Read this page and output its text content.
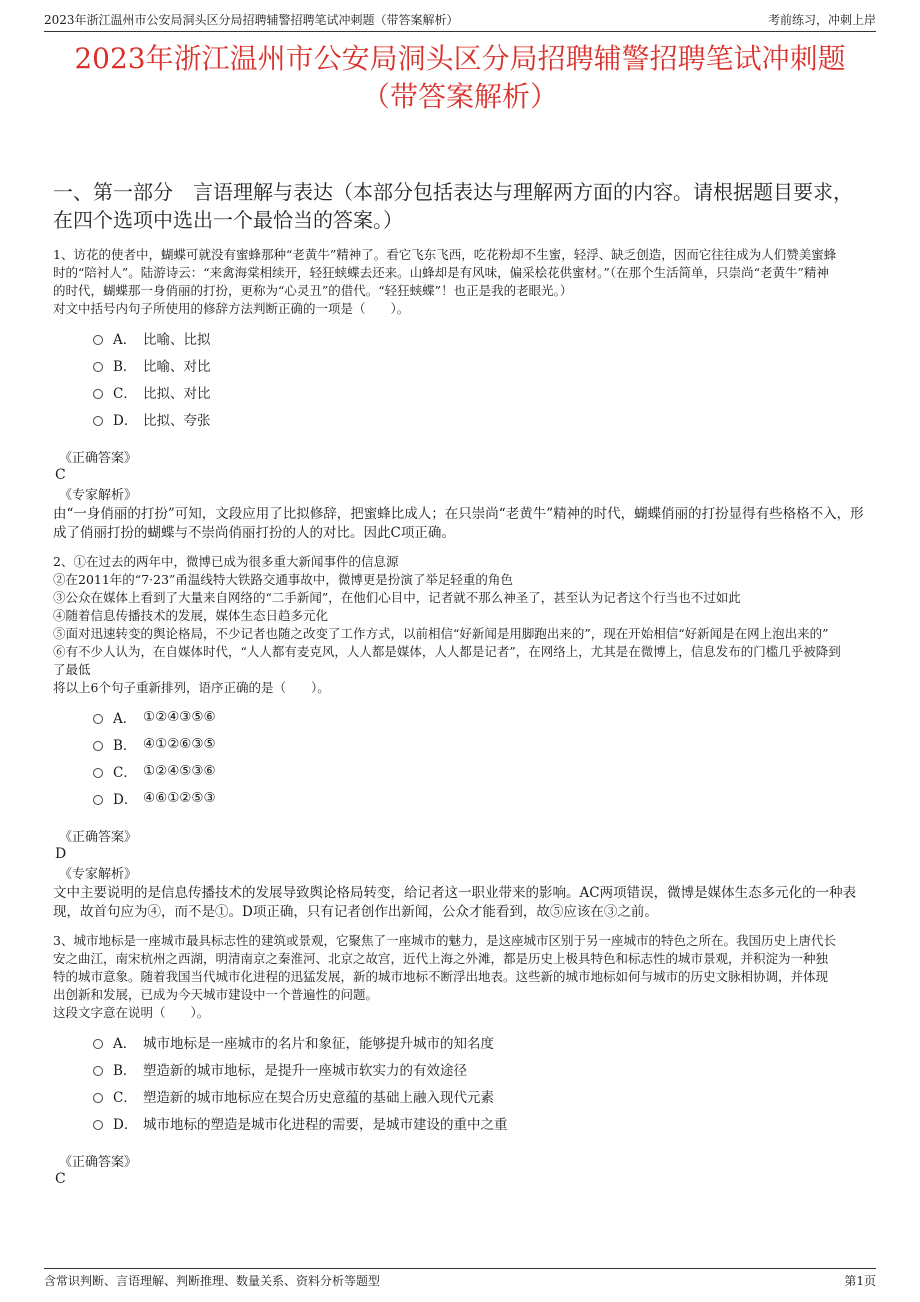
2023年浙江温州市公安局洞头区分局招聘辅警招聘笔试冲刺题（带答案解析）	考前练习，冲刺上岸
2023年浙江温州市公安局洞头区分局招聘辅警招聘笔试冲刺题
（带答案解析）
一、第一部分　言语理解与表达（本部分包括表达与理解两方面的内容。请根据题目要求，在四个选项中选出一个最恰当的答案。）

1、访花的使者中，蝴蝶可就没有蜜蜂那种“老黄牛”精神了。看它飞东飞西，吃花粉却不生蜜，轻浮、缺乏创造，因而它往往成为人们赞美蜜蜂

时的“陪衬人”。陆游诗云：“来禽海棠相续开，轻狂蛱蝶去还来。山蜂却是有风味，偏采桧花供蜜材。”（在那个生活简单，只崇尚“老黄牛”精神

的时代，蝴蝶那一身俏丽的打扮，更称为“心灵丑”的借代。“轻狂蛱蝶”！也正是我的老眼光。）

对文中括号内句子所使用的修辞方法判断正确的一项是（　　）。

A． 比喻、比拟
B． 比喻、对比
C． 比拟、对比
D． 比拟、夸张
《正确答案》
C
《专家解析》
由“一身俏丽的打扮”可知，文段应用了比拟修辞，把蜜蜂比成人；在只崇尚“老黄牛”精神的时代，蝴蝶俏丽的打扮显得有些格格不入，形成了俏丽打扮的蝴蝶与不崇尚俏丽打扮的人的对比。因此C项正确。

2、①在过去的两年中，微博已成为很多重大新闻事件的信息源

②在2011年的“7·23”甬温线特大铁路交通事故中，微博更是扮演了举足轻重的角色

③公众在媒体上看到了大量来自网络的“二手新闻”，在他们心目中，记者就不那么神圣了，甚至认为记者这个行当也不过如此

④随着信息传播技术的发展，媒体生态日趋多元化

⑤面对迅速转变的舆论格局，不少记者也随之改变了工作方式，以前相信“好新闻是用脚跑出来的”，现在开始相信“好新闻是在网上泡出来的”

⑥有不少人认为，在自媒体时代，“人人都有麦克风，人人都是媒体，人人都是记者”，在网络上，尤其是在微博上，信息发布的门槛几乎被降到

了最低

将以上6个句子重新排列，语序正确的是（　　）。

A． ①②④③⑤⑥
B． ④①②⑥③⑤
C． ①②④⑤③⑥
D． ④⑥①②⑤③
《正确答案》
D
《专家解析》
文中主要说明的是信息传播技术的发展导致舆论格局转变，给记者这一职业带来的影响。AC两项错误，微博是媒体生态多元化的一种表现，故首句应为④，而不是①。D项正确，只有记者创作出新闻，公众才能看到，故⑤应该在③之前。

3、城市地标是一座城市最具标志性的建筑或景观，它聚焦了一座城市的魅力，是这座城市区别于另一座城市的特色之所在。我国历史上唐代长

安之曲江，南宋杭州之西湖，明清南京之秦淮河、北京之故宫，近代上海之外滩，都是历史上极具特色和标志性的城市景观，并积淀为一种独

特的城市意象。随着我国当代城市化进程的迅猛发展，新的城市地标不断浮出地表。这些新的城市地标如何与城市的历史文脉相协调，并体现

出创新和发展，已成为今天城市建设中一个普遍性的问题。

这段文字意在说明（　　）。

A． 城市地标是一座城市的名片和象征，能够提升城市的知名度
B． 塑造新的城市地标，是提升一座城市软实力的有效途径
C． 塑造新的城市地标应在契合历史意蕴的基础上融入现代元素
D． 城市地标的塑造是城市化进程的需要，是城市建设的重中之重
《正确答案》
C
含常识判断、言语理解、判断推理、数量关系、资料分析等题型	第1页
